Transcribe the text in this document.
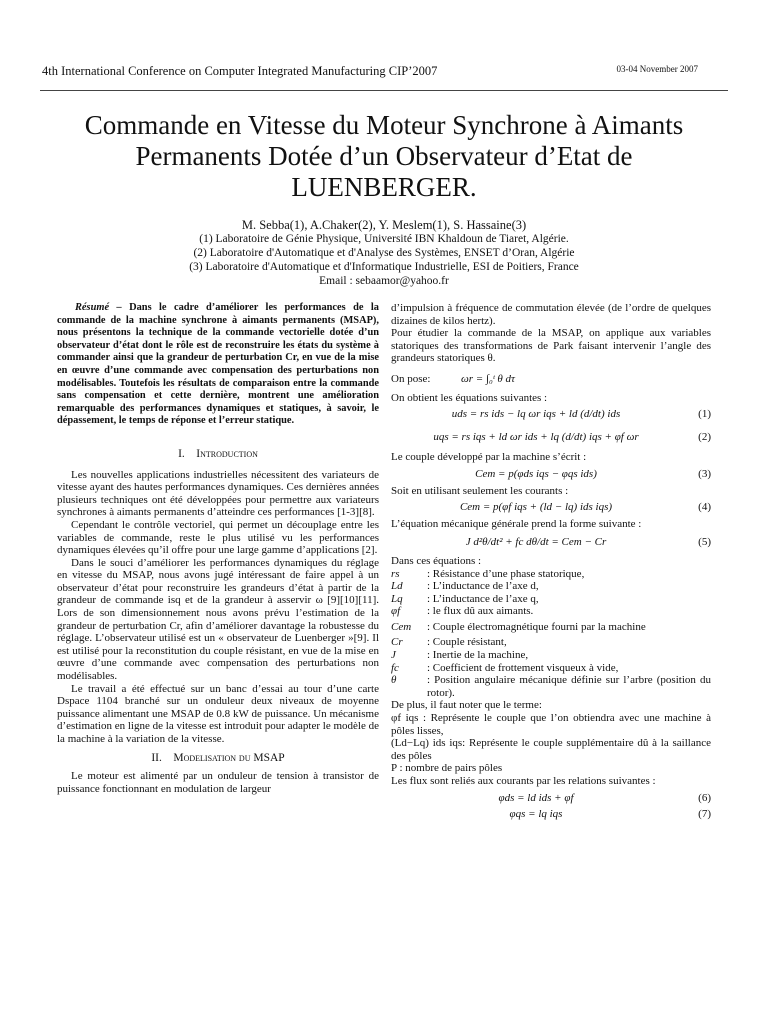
4th International Conference on Computer Integrated Manufacturing CIP’2007	03-04 November 2007
Commande en Vitesse du Moteur Synchrone à Aimants Permanents Dotée d’un Observateur d’Etat de LUENBERGER.
M. Sebba(1), A.Chaker(2), Y. Meslem(1), S. Hassaine(3)
(1) Laboratoire de Génie Physique, Université IBN Khaldoun de Tiaret, Algérie.
(2) Laboratoire d'Automatique et d'Analyse des Systèmes, ENSET d’Oran, Algérie
(3) Laboratoire d'Automatique et d'Informatique Industrielle, ESI de Poitiers, France
Email : sebaamor@yahoo.fr

Résumé – Dans le cadre d’améliorer les performances de la commande de la machine synchrone à aimants permanents (MSAP), nous présentons la technique de la commande vectorielle dotée d’un observateur d’état dont le rôle est de reconstruire les états du système à commander ainsi que la grandeur de perturbation Cr, en vue de la mise en œuvre d’une commande avec compensation des perturbations non modélisables. Toutefois les résultats de comparaison entre la commande sans compensation et cette dernière, montrent une amélioration remarquable des performances dynamiques et statiques, à savoir, le dépassement, le temps de réponse et l’erreur statique.

I. Introduction

Les nouvelles applications industrielles nécessitent des variateurs de vitesse ayant des hautes performances dynamiques. Ces dernières années plusieurs techniques ont été développées pour permettre aux variateurs synchrones à aimants permanents d’atteindre ces performances [1-3][8].

Cependant le contrôle vectoriel, qui permet un découplage entre les variables de commande, reste le plus utilisé vu les performances dynamiques élevées qu’il offre pour une large gamme d’applications [2].

Dans le souci d’améliorer les performances dynamiques du réglage en vitesse du MSAP, nous avons jugé intéressant de faire appel à un observateur d’état pour reconstruire les grandeurs d’état à partir de la grandeur de commande isq et de la grandeur à asservir ω [9][10][11]. Lors de son dimensionnement nous avons prévu l’estimation de la grandeur de perturbation Cr, afin d’améliorer davantage la robustesse du réglage. L’observateur utilisé est un « observateur de Luenberger »[9]. Il est utilisé pour la reconstitution du couple résistant, en vue de la mise en œuvre d’une commande avec compensation des perturbations non modélisables.

Le travail a été effectué sur un banc d’essai au tour d’une carte Dspace 1104 branché sur un onduleur deux niveaux de moyenne puissance alimentant une MSAP de 0.8 kW de puissance. Un mécanisme d’estimation en ligne de la vitesse est introduit pour adapter le modèle de la machine à la variation de la vitesse.

II. Modelisation du MSAP

Le moteur est alimenté par un onduleur de tension à transistor de puissance fonctionnant en modulation de largeur

d’impulsion à fréquence de commutation élevée (de l’ordre de quelques dizaines de kilos hertz).

Pour étudier la commande de la MSAP, on applique aux variables statoriques des transformations de Park faisant intervenir l’angle des grandeurs statoriques θ.

On pose:	ωr = ∫₀ᵗ θ dτ

On obtient les équations suivantes :

uds = rs ids − lq ωr iqs + ld (d/dt) ids	(1)
uqs = rs iqs + ld ωr ids + lq (d/dt) iqs + φf ωr	(2)

Le couple développé par la machine s’écrit :

Cem = p(φds iqs − φqs ids)	(3)

Soit en utilisant seulement les courants :

Cem = p(φf iqs + (ld − lq) ids iqs)	(4)

L’équation mécanique générale prend la forme suivante :

J d²θ/dt² + fc dθ/dt = Cem − Cr	(5)

Dans ces équations :

rs	: Résistance d’une phase statorique,
Ld	: L’inductance de l’axe d,
Lq	: L’inductance de l’axe q,
φf	: le flux dû aux aimants.
Cem	: Couple électromagnétique fourni par la machine
Cr	: Couple résistant,
J	: Inertie de la machine,
fc	: Coefficient de frottement visqueux à vide,
θ	: Position angulaire mécanique définie sur l’arbre (position du rotor).

De plus, il faut noter que le terme:

φf iqs : Représente le couple que l’on obtiendra avec une machine à pôles lisses,

(Ld−Lq) ids iqs: Représente le couple supplémentaire dû à la saillance des pôles

P : nombre de pairs pôles

Les flux sont reliés aux courants par les relations suivantes :

φds = ld ids + φf	(6)
φqs = lq iqs	(7)
